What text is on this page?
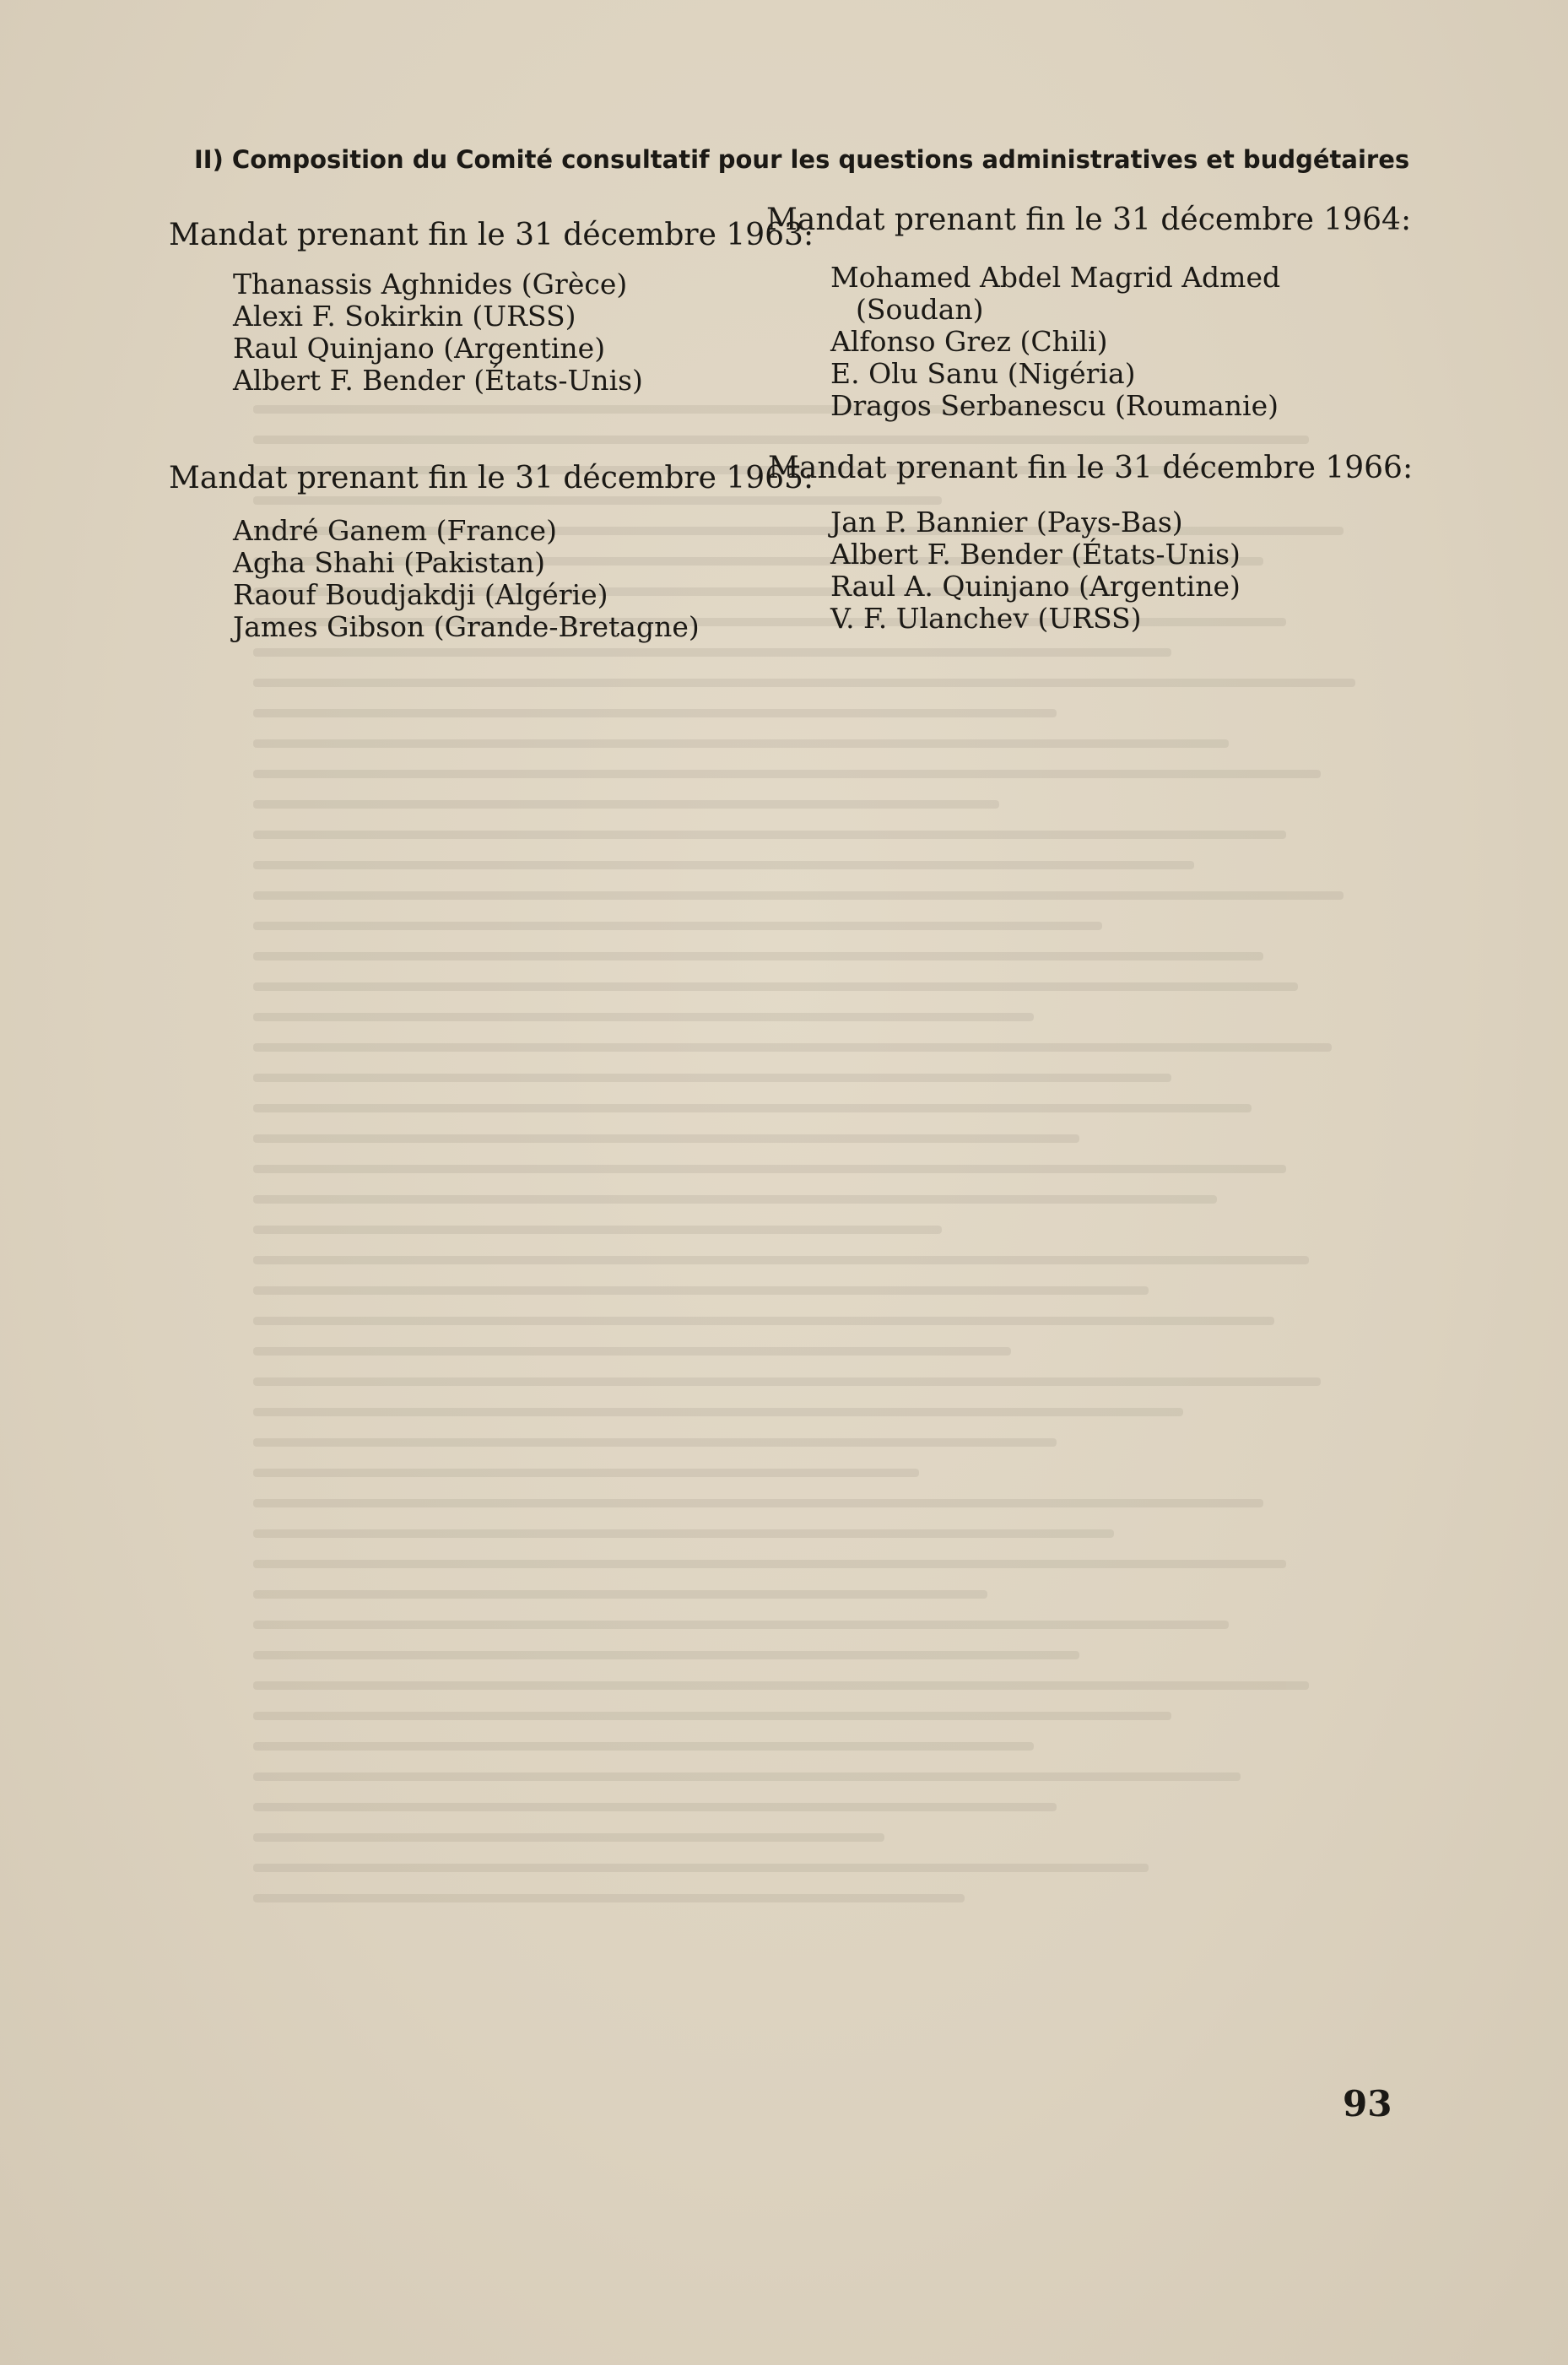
II) Composition du Comité consultatif pour les questions administratives et budgétaires
Mandat prenant fin le 31 décembre 1963:
Thanassis Aghnides (Grèce)
Alexi F. Sokirkin (URSS)
Raul Quinjano (Argentine)
Albert F. Bender (États-Unis)
Mandat prenant fin le 31 décembre 1964:
Mohamed Abdel Magrid Admed
(Soudan)
Alfonso Grez (Chili)
E. Olu Sanu (Nigéria)
Dragos Serbanescu (Roumanie)
Mandat prenant fin le 31 décembre 1965:
André Ganem (France)
Agha Shahi (Pakistan)
Raouf Boudjakdji (Algérie)
James Gibson (Grande-Bretagne)
Mandat prenant fin le 31 décembre 1966:
Jan P. Bannier (Pays-Bas)
Albert F. Bender (États-Unis)
Raul A. Quinjano (Argentine)
V. F. Ulanchev (URSS)
93
